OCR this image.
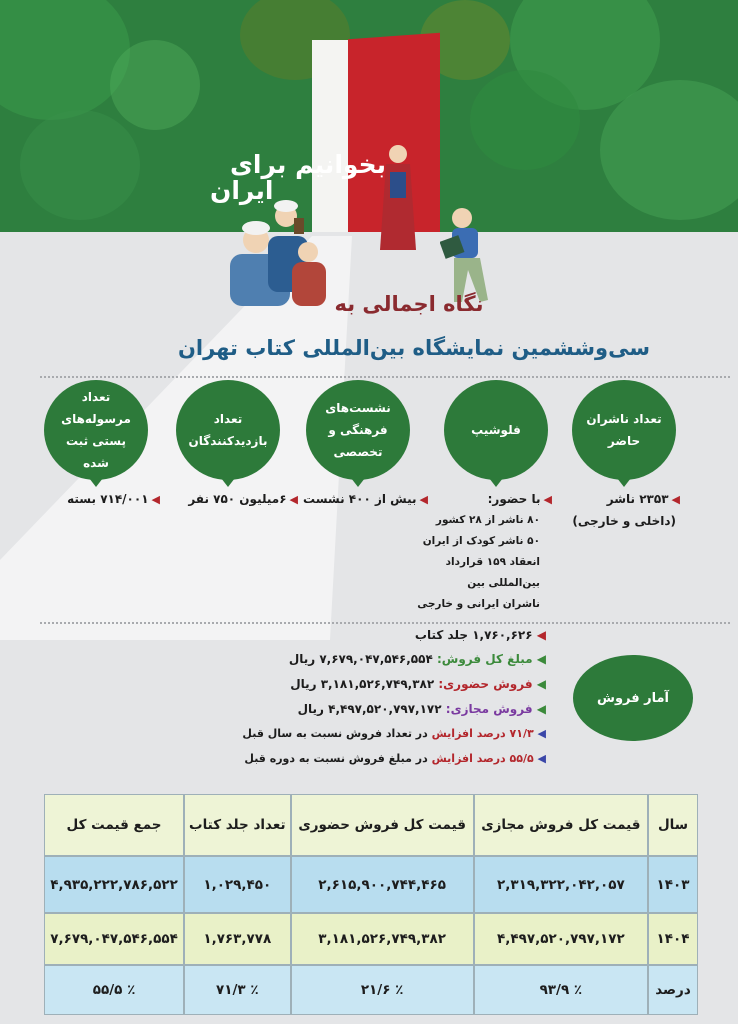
بخوانیم برای
ایران
نگاه اجمالی به
سی‌وششمین نمایشگاه بین‌المللی کتاب تهران
تعداد ناشران حاضر
فلوشیپ
نشست‌های فرهنگی و تخصصی
تعداد بازدیدکنندگان
تعداد مرسوله‌های پستی ثبت شده
◀۲۳۵۳ ناشر
(داخلی و خارجی)
◀با حضور:
۸۰ ناشر از ۲۸ کشور
۵۰ ناشر کودک از ایران
انعقاد ۱۵۹ قرارداد
بین‌المللی بین
ناشران ایرانی و خارجی
◀بیش از ۴۰۰ نشست
◀۶میلیون ۷۵۰ نفر
◀۷۱۴/۰۰۱ بسته
آمار فروش
◀ ۱,۷۶۰,۶۲۶ جلد کتاب
◀ مبلغ کل فروش: ۷,۶۷۹,۰۴۷,۵۴۶,۵۵۴ ریال
◀ فروش حضوری: ۳,۱۸۱,۵۲۶,۷۴۹,۳۸۲ ریال
◀ فروش مجازی: ۴,۴۹۷,۵۲۰,۷۹۷,۱۷۲ ریال
◀ ۷۱/۳ درصد افزایش در تعداد فروش نسبت به سال قبل
◀ ۵۵/۵ درصد افزایش در مبلغ فروش نسبت به دوره قبل
سال	قیمت کل فروش مجازی	قیمت کل فروش حضوری	تعداد جلد کتاب	جمع قیمت کل
۱۴۰۳	۲,۳۱۹,۳۲۲,۰۴۲,۰۵۷	۲,۶۱۵,۹۰۰,۷۴۴,۴۶۵	۱,۰۲۹,۴۵۰	۴,۹۳۵,۲۲۲,۷۸۶,۵۲۲
۱۴۰۴	۴,۴۹۷,۵۲۰,۷۹۷,۱۷۲	۳,۱۸۱,۵۲۶,۷۴۹,۳۸۲	۱,۷۶۳,۷۷۸	۷,۶۷۹,۰۴۷,۵۴۶,۵۵۴
درصد	٪ ۹۳/۹	٪ ۲۱/۶	٪ ۷۱/۳	٪ ۵۵/۵
